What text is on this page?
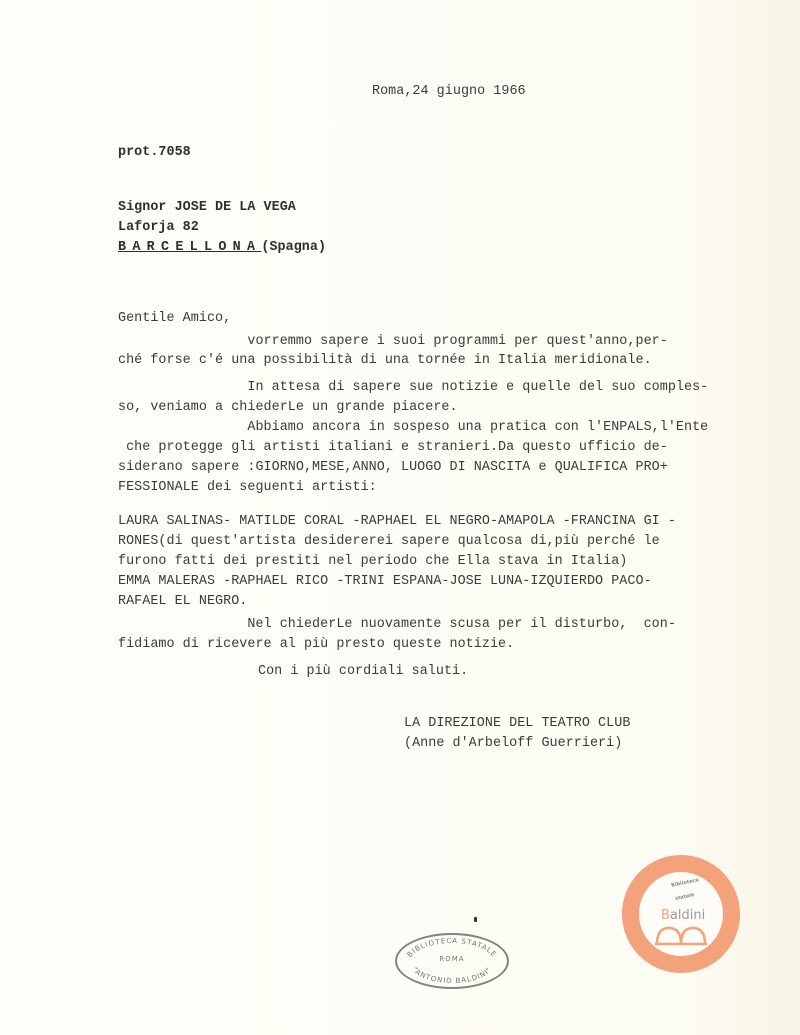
Roma,24 giugno 1966
prot.7058
Signor JOSE DE LA VEGA
Laforja 82
BARCELLONA(Spagna)
Gentile Amico,
vorremmo sapere i suoi programmi per quest'anno,per-
ché forse c'é una possibilità di una tornée in Italia meridionale.
In attesa di sapere sue notizie e quelle del suo comples-
so, veniamo a chiederLe un grande piacere.
Abbiamo ancora in sospeso una pratica con l'ENPALS,l'Ente
che protegge gli artisti italiani e stranieri.Da questo ufficio de-
siderano sapere :GIORNO,MESE,ANNO, LUOGO DI NASCITA e QUALIFICA PRO+
FESSIONALE dei seguenti artisti:
LAURA SALINAS- MATILDE CORAL -RAPHAEL EL NEGRO-AMAPOLA -FRANCINA GI -
RONES(di quest'artista desidererei sapere qualcosa di,più perché le
furono fatti dei prestiti nel periodo che Ella stava in Italia)
EMMA MALERAS -RAPHAEL RICO -TRINI ESPANA-JOSE LUNA-IZQUIERDO PACO-
RAFAEL EL NEGRO.
Nel chiederLe nuovamente scusa per il disturbo,  con-
fidiamo di ricevere al più presto queste notizie.
Con i più cordiali saluti.
LA DIREZIONE DEL TEATRO CLUB
(Anne d'Arbeloff Guerrieri)
BIBLIOTECA STATALE
"ANTONIO BALDINI"
ROMA
Biblioteca
statale
Baldini
